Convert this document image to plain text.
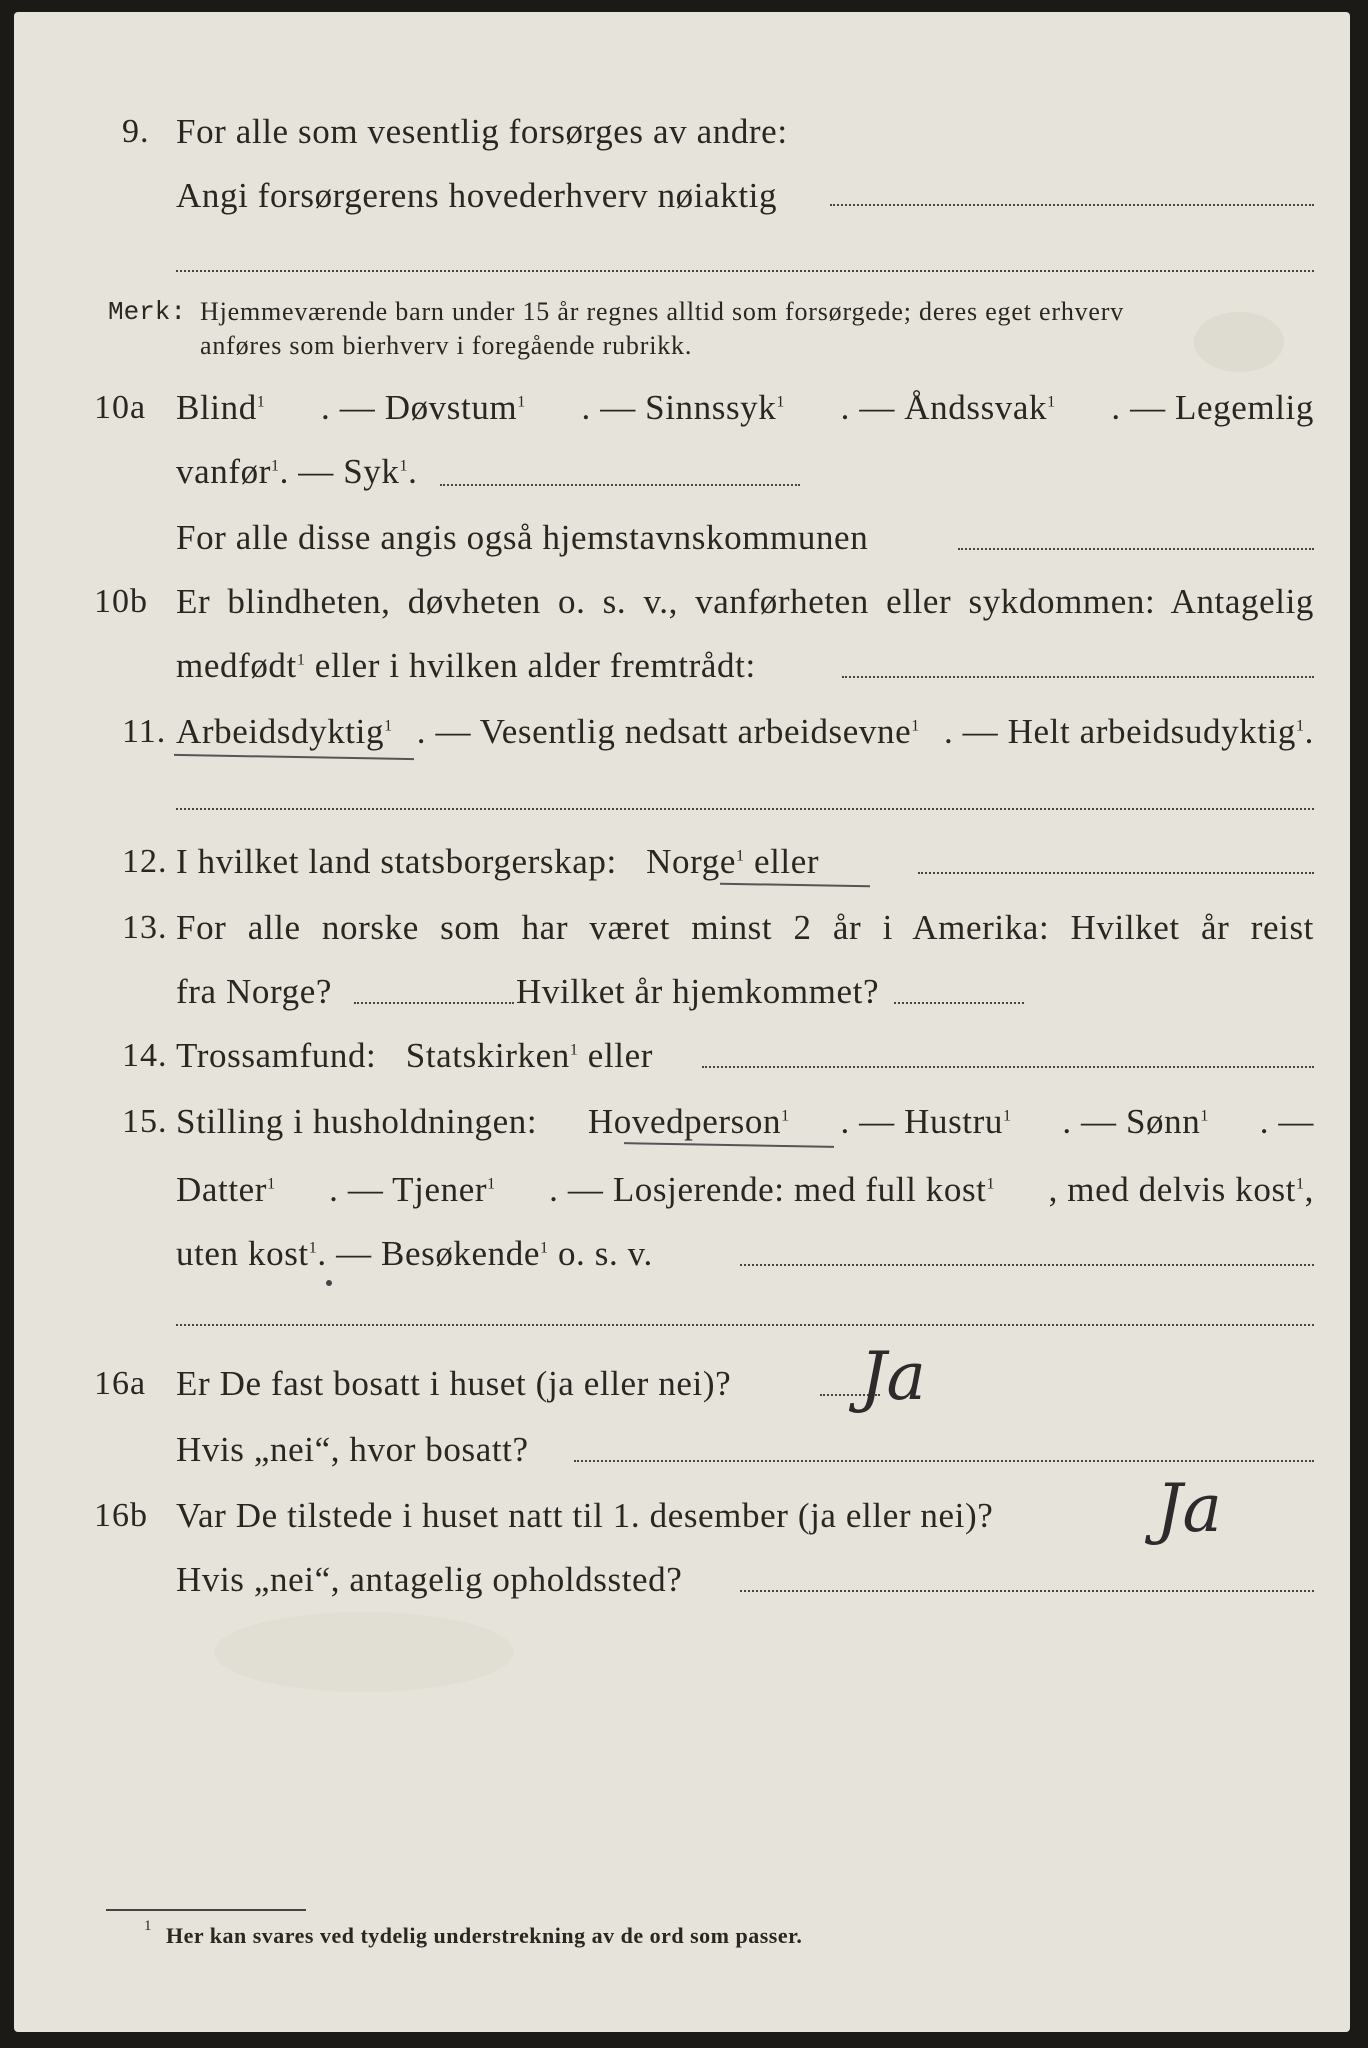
9. For alle som vesentlig forsørges av andre:
Angi forsørgerens hovederhverv nøiaktig
Merk: Hjemmeværende barn under 15 år regnes alltid som forsørgede; deres eget erhverv
anføres som bierhverv i foregående rubrikk.
10a Blind$^1$ . — Døvstum$^1$ . — Sinnssyk$^1$ . — Åndssvak$^1$ . — Legemlig
vanfør$^1$. — Syk$^1$.
For alle disse angis også hjemstavnskommunen
10b Er blindheten, døvheten o. s. v., vanførheten eller sykdommen: Antagelig
medfødt$^1$ eller i hvilken alder fremtrådt:
11. Arbeidsdyktig$^1$ . — Vesentlig nedsatt arbeidsevne$^1$ . — Helt arbeidsudyktig$^1$.
12. I hvilket land statsborgerskap: Norge$^1$ eller
13. For alle norske som har været minst 2 år i Amerika: Hvilket år reist
fra Norge?	Hvilket år hjemkommet?
14. Trossamfund: Statskirken$^1$ eller
15. Stilling i husholdningen: Hovedperson$^1$ . — Hustru$^1$ . — Sønn$^1$ . —
Datter$^1$ . — Tjener$^1$ . — Losjerende: med full kost$^1$ , med delvis kost$^1$,
uten kost$^1$. — Besøkende$^1$ o. s. v.
16a Er De fast bosatt i huset (ja eller nei)? Ja
Hvis „nei“, hvor bosatt?
16b Var De tilstede i huset natt til 1. desember (ja eller nei)? Ja
Hvis „nei“, antagelig opholdssted?
1 Her kan svares ved tydelig understrekning av de ord som passer.
